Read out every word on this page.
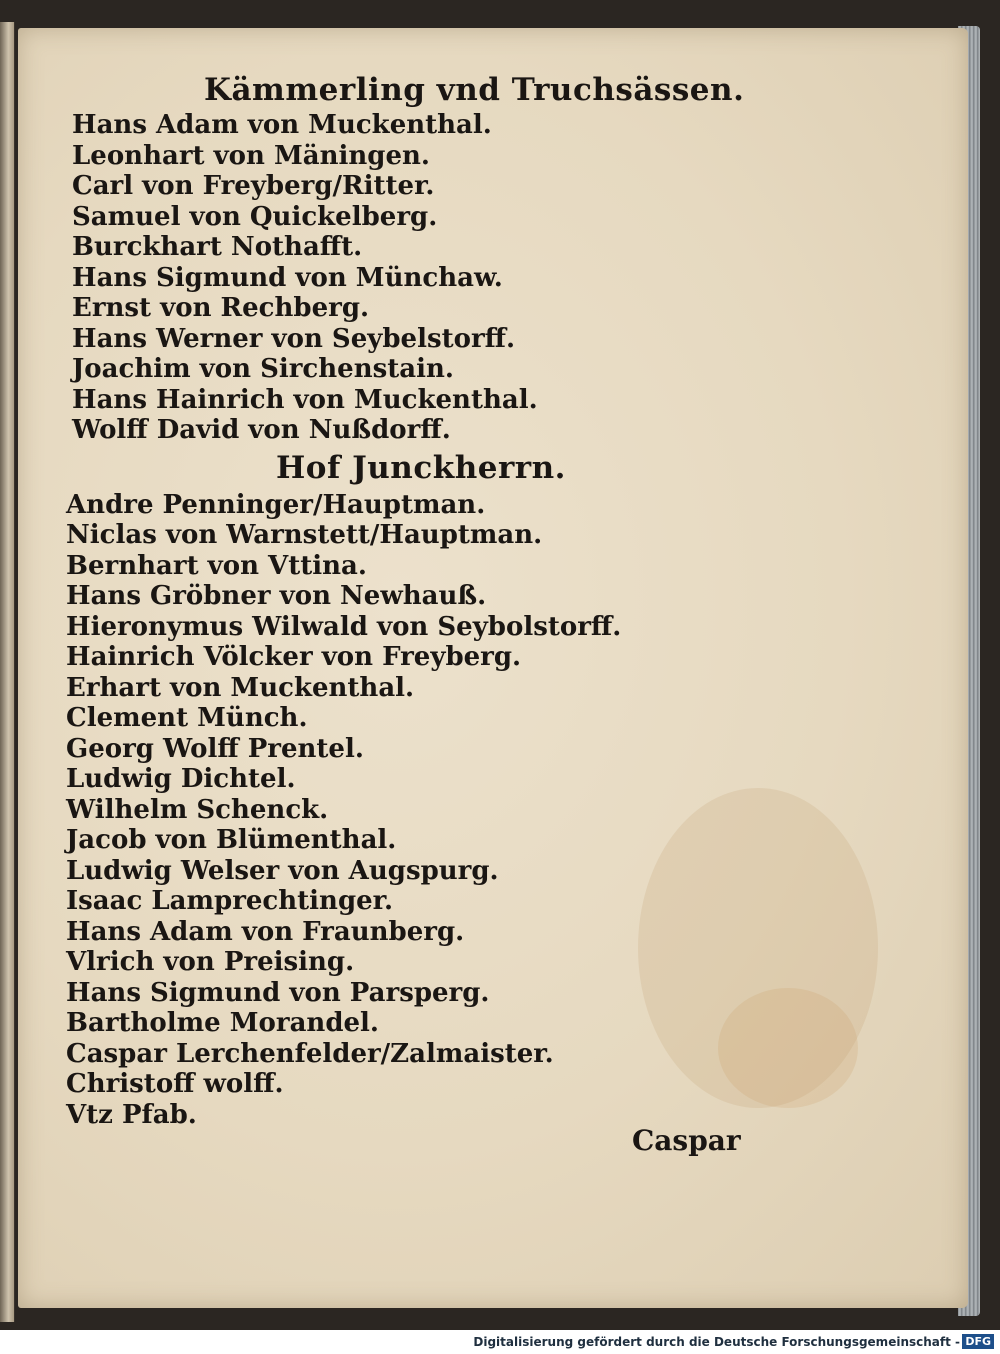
Kämmerling vnd Truchsässen.
Hans Adam von Muckenthal.
Leonhart von Mäningen.
Carl von Freyberg/Ritter.
Samuel von Quickelberg.
Burckhart Nothafft.
Hans Sigmund von Münchaw.
Ernst von Rechberg.
Hans Werner von Seybelstorff.
Joachim von Sirchenstain.
Hans Hainrich von Muckenthal.
Wolff David von Nußdorff.
Hof Junckherrn.
Andre Penninger/Hauptman.
Niclas von Warnstett/Hauptman.
Bernhart von Vttina.
Hans Gröbner von Newhauß.
Hieronymus Wilwald von Seybolstorff.
Hainrich Völcker von Freyberg.
Erhart von Muckenthal.
Clement Münch.
Georg Wolff Prentel.
Ludwig Dichtel.
Wilhelm Schenck.
Jacob von Blümenthal.
Ludwig Welser von Augspurg.
Isaac Lamprechtinger.
Hans Adam von Fraunberg.
Vlrich von Preising.
Hans Sigmund von Parsperg.
Bartholme Morandel.
Caspar Lerchenfelder/Zalmaister.
Christoff wolff.
Vtz Pfab.
Caspar
Digitalisierung gefördert durch die Deutsche Forschungsgemeinschaft - DFG
